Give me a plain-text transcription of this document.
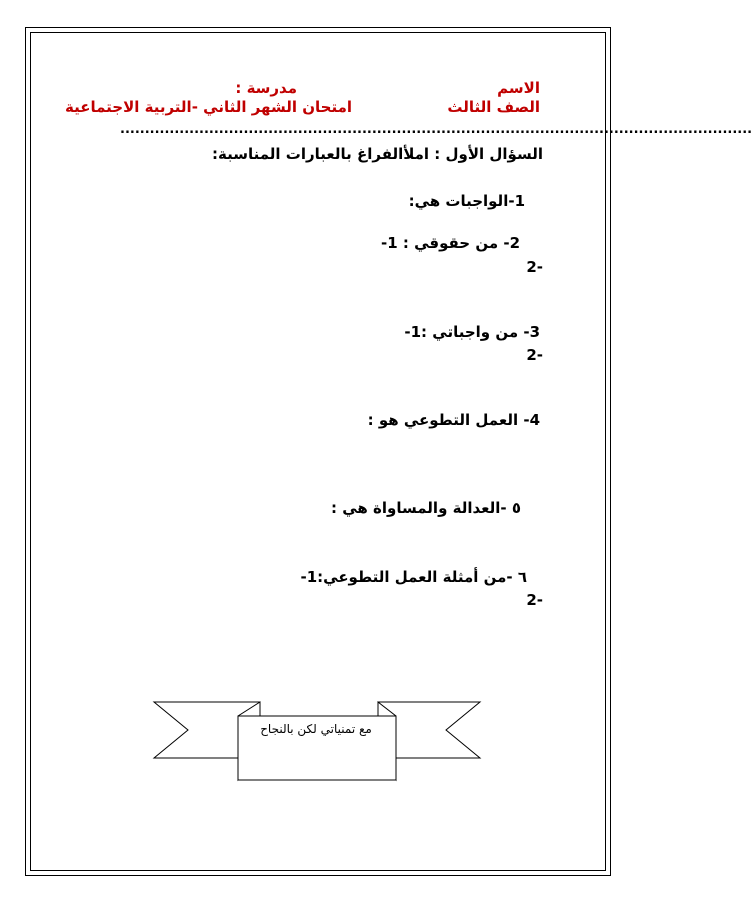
الاسم
مدرسة :
الصف الثالث
امتحان الشهر الثاني -التربية الاجتماعية
................................................................................................................................
السؤال الأول : املأالفراغ بالعبارات المناسبة:
1-الواجبات هي:
2- من حقوقي : 1-
-2
3- من واجباتي :1-
-2
4- العمل التطوعي هو :
٥ -العدالة والمساواة هي :
٦ -من أمثلة العمل التطوعي:1-
-2
مع تمنياتي لكن بالنجاح
